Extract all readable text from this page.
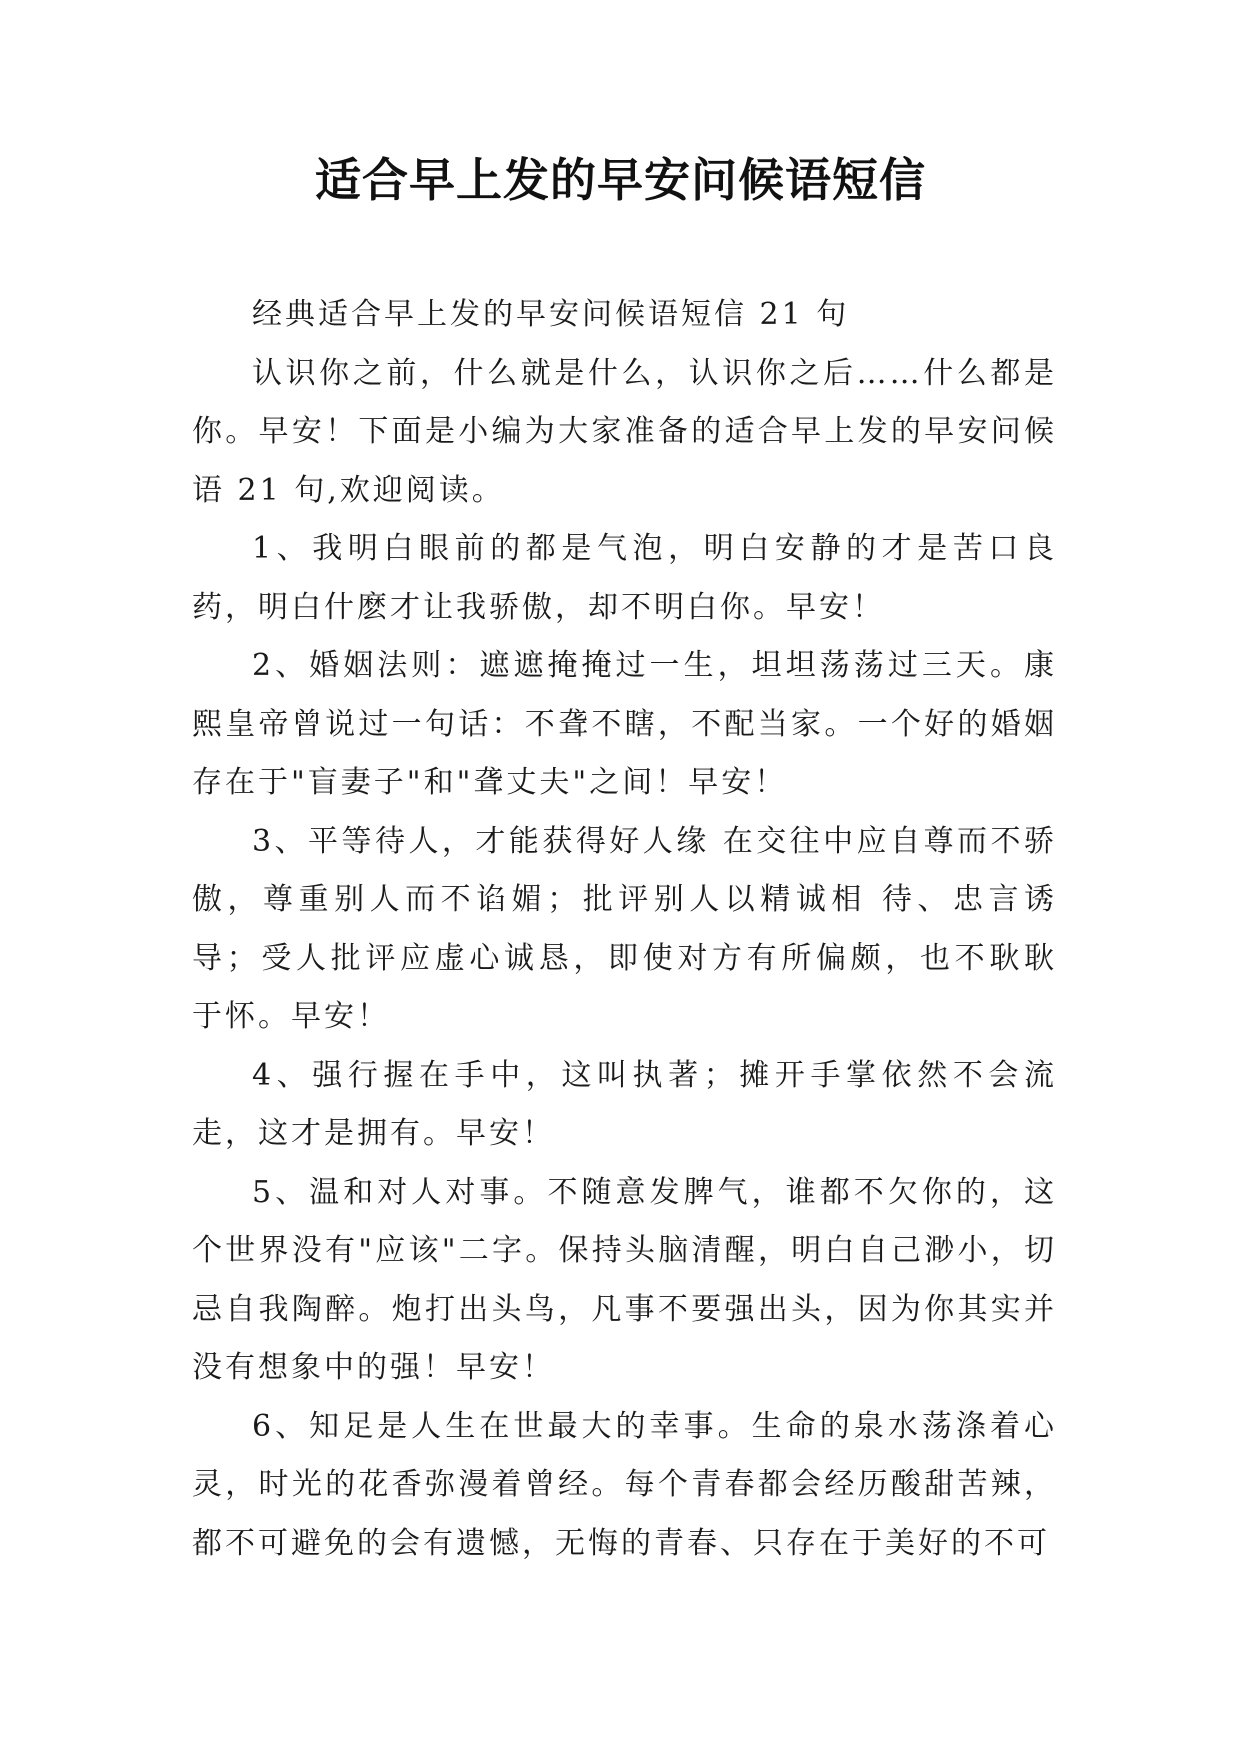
适合早上发的早安问候语短信

经典适合早上发的早安问候语短信 21 句

认识你之前，什么就是什么，认识你之后……什么都是你。早安！下面是小编为大家准备的适合早上发的早安问候语 21 句,欢迎阅读。

1、我明白眼前的都是气泡，明白安静的才是苦口良药，明白什麽才让我骄傲，却不明白你。早安！

2、婚姻法则：遮遮掩掩过一生，坦坦荡荡过三天。康熙皇帝曾说过一句话：不聋不瞎，不配当家。一个好的婚姻存在于"盲妻子"和"聋丈夫"之间！早安！

3、平等待人，才能获得好人缘 在交往中应自尊而不骄傲，尊重别人而不谄媚；批评别人以精诚相 待、忠言诱导；受人批评应虚心诚恳，即使对方有所偏颇，也不耿耿 于怀。早安！

4、强行握在手中，这叫执著；摊开手掌依然不会流走，这才是拥有。早安！

5、温和对人对事。不随意发脾气，谁都不欠你的，这个世界没有"应该"二字。保持头脑清醒，明白自己渺小，切忌自我陶醉。炮打出头鸟，凡事不要强出头，因为你其实并没有想象中的强！早安！

6、知足是人生在世最大的幸事。生命的泉水荡涤着心灵，时光的花香弥漫着曾经。每个青春都会经历酸甜苦辣，都不可避免的会有遗憾，无悔的青春、只存在于美好的不可
